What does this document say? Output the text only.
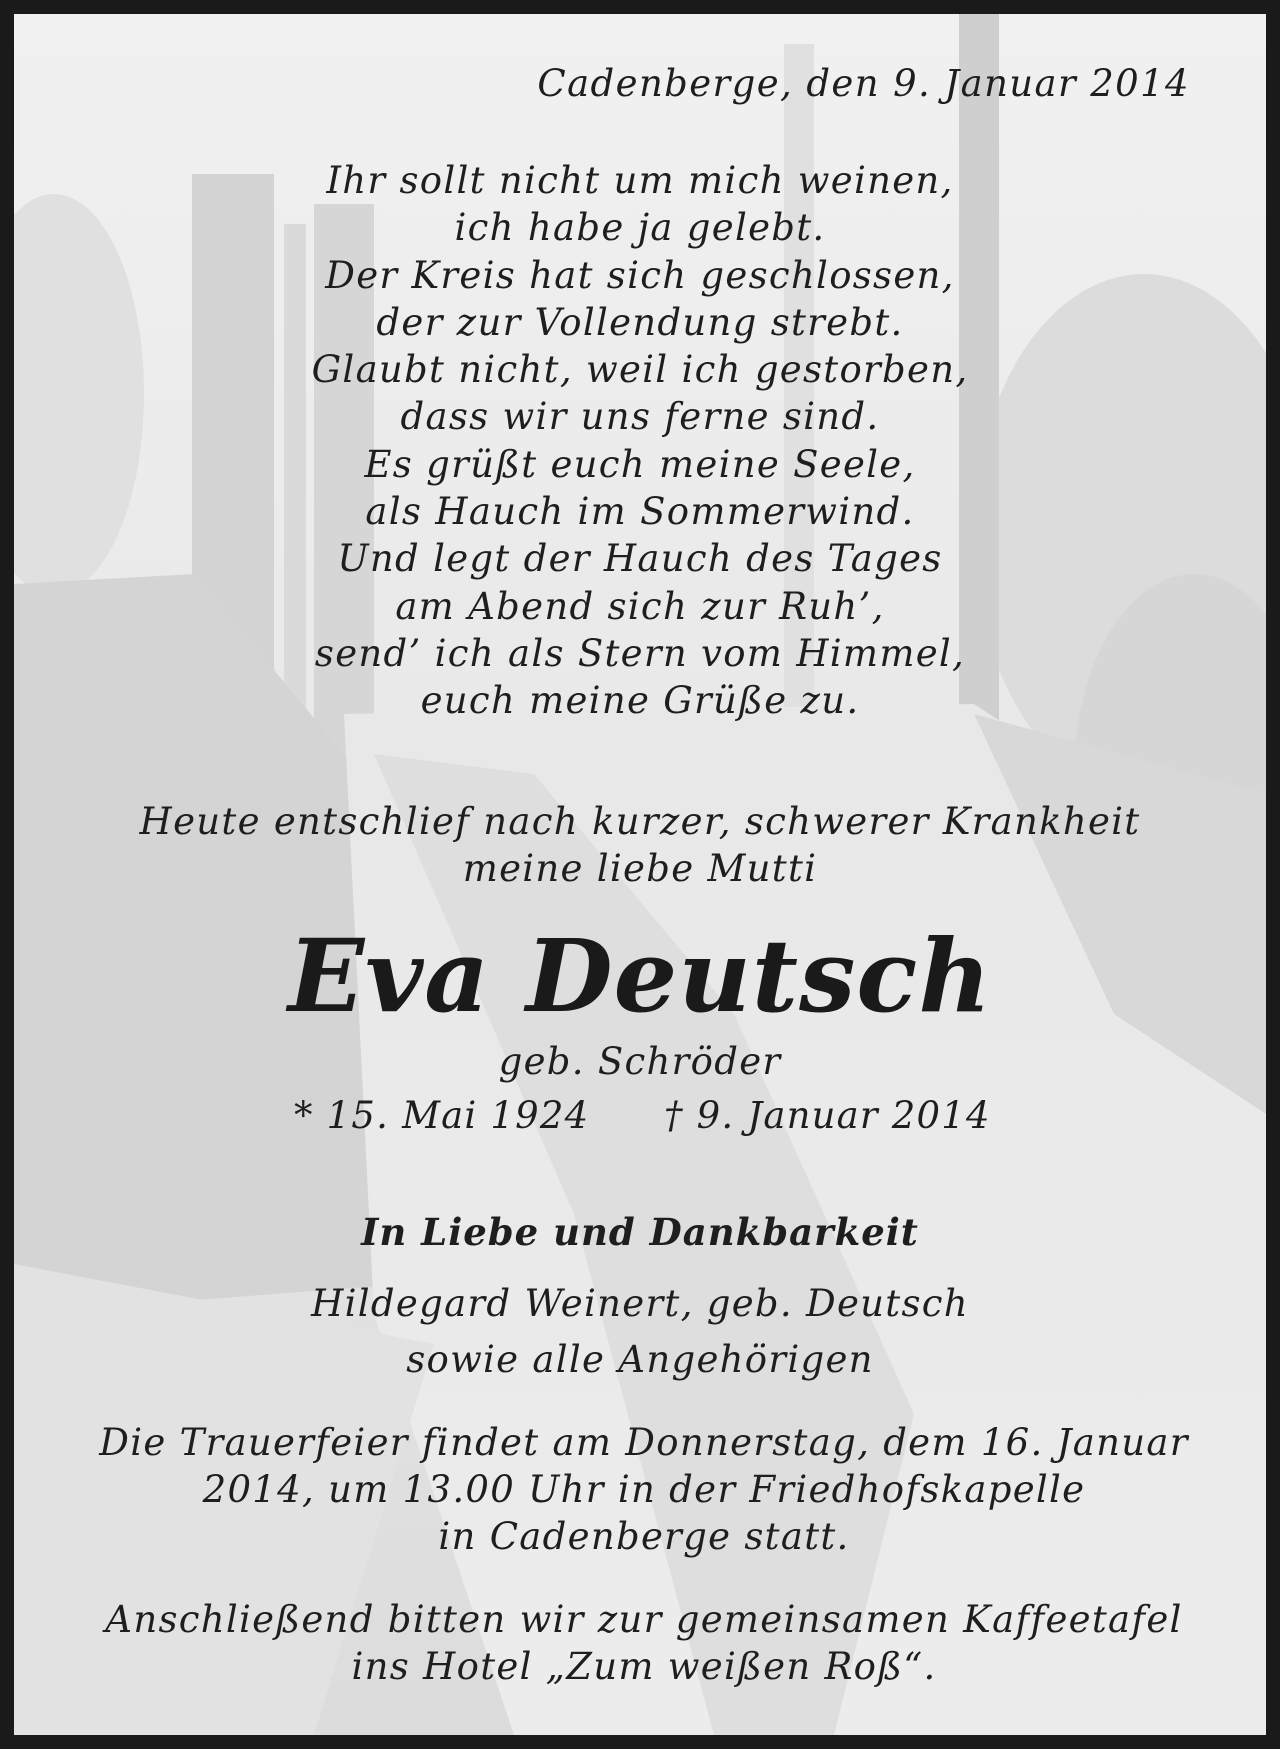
Cadenberge, den 9. Januar 2014
Ihr sollt nicht um mich weinen,
ich habe ja gelebt.
Der Kreis hat sich geschlossen,
der zur Vollendung strebt.
Glaubt nicht, weil ich gestorben,
dass wir uns ferne sind.
Es grüßt euch meine Seele,
als Hauch im Sommerwind.
Und legt der Hauch des Tages
am Abend sich zur Ruh’,
send’ ich als Stern vom Himmel,
euch meine Grüße zu.
Heute entschlief nach kurzer, schwerer Krankheit
meine liebe Mutti
Eva Deutsch
geb. Schröder
* 15. Mai 1924 † 9. Januar 2014
In Liebe und Dankbarkeit
Hildegard Weinert, geb. Deutsch
sowie alle Angehörigen
Die Trauerfeier findet am Donnerstag, dem 16. Januar
2014, um 13.00 Uhr in der Friedhofskapelle
in Cadenberge statt.
Anschließend bitten wir zur gemeinsamen Kaffeetafel
ins Hotel „Zum weißen Roß“.
